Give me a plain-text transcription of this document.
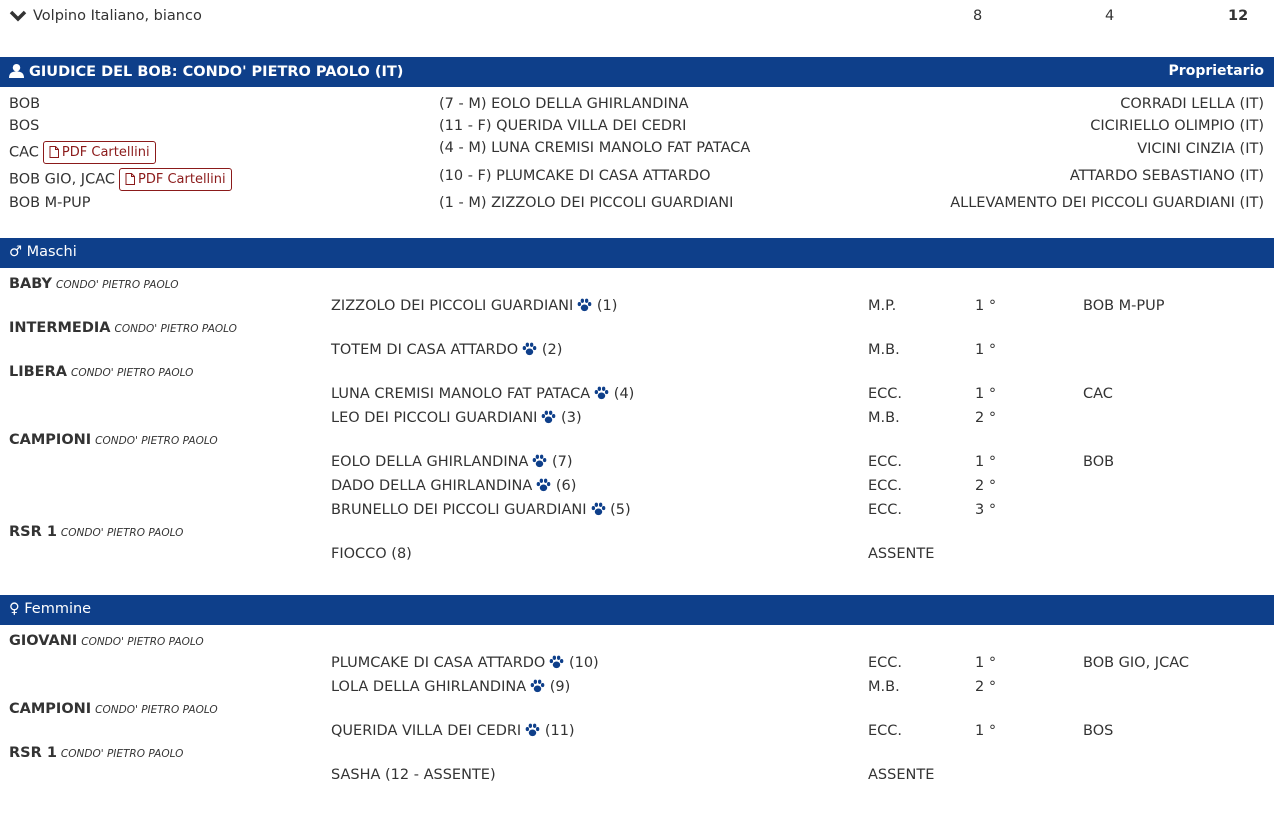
Volpino Italiano, bianco	8	4	12
GIUDICE DEL BOB: CONDO' PIETRO PAOLO (IT)	Proprietario
BOB	(7 - M) EOLO DELLA GHIRLANDINA	CORRADI LELLA (IT)
BOS	(11 - F) QUERIDA VILLA DEI CEDRI	CICIRIELLO OLIMPIO (IT)
CAC PDF Cartellini	(4 - M) LUNA CREMISI MANOLO FAT PATACA	VICINI CINZIA (IT)
BOB GIO, JCAC PDF Cartellini	(10 - F) PLUMCAKE DI CASA ATTARDO	ATTARDO SEBASTIANO (IT)
BOB M-PUP	(1 - M) ZIZZOLO DEI PICCOLI GUARDIANI	ALLEVAMENTO DEI PICCOLI GUARDIANI (IT)
♂ Maschi
BABY CONDO' PIETRO PAOLO
ZIZZOLO DEI PICCOLI GUARDIANI (1)	M.P.	1 °	BOB M-PUP
INTERMEDIA CONDO' PIETRO PAOLO
TOTEM DI CASA ATTARDO (2)	M.B.	1 °
LIBERA CONDO' PIETRO PAOLO
LUNA CREMISI MANOLO FAT PATACA (4)	ECC.	1 °	CAC
LEO DEI PICCOLI GUARDIANI (3)	M.B.	2 °
CAMPIONI CONDO' PIETRO PAOLO
EOLO DELLA GHIRLANDINA (7)	ECC.	1 °	BOB
DADO DELLA GHIRLANDINA (6)	ECC.	2 °
BRUNELLO DEI PICCOLI GUARDIANI (5)	ECC.	3 °
RSR 1 CONDO' PIETRO PAOLO
FIOCCO (8)	ASSENTE
♀ Femmine
GIOVANI CONDO' PIETRO PAOLO
PLUMCAKE DI CASA ATTARDO (10)	ECC.	1 °	BOB GIO, JCAC
LOLA DELLA GHIRLANDINA (9)	M.B.	2 °
CAMPIONI CONDO' PIETRO PAOLO
QUERIDA VILLA DEI CEDRI (11)	ECC.	1 °	BOS
RSR 1 CONDO' PIETRO PAOLO
SASHA (12 - ASSENTE)	ASSENTE
